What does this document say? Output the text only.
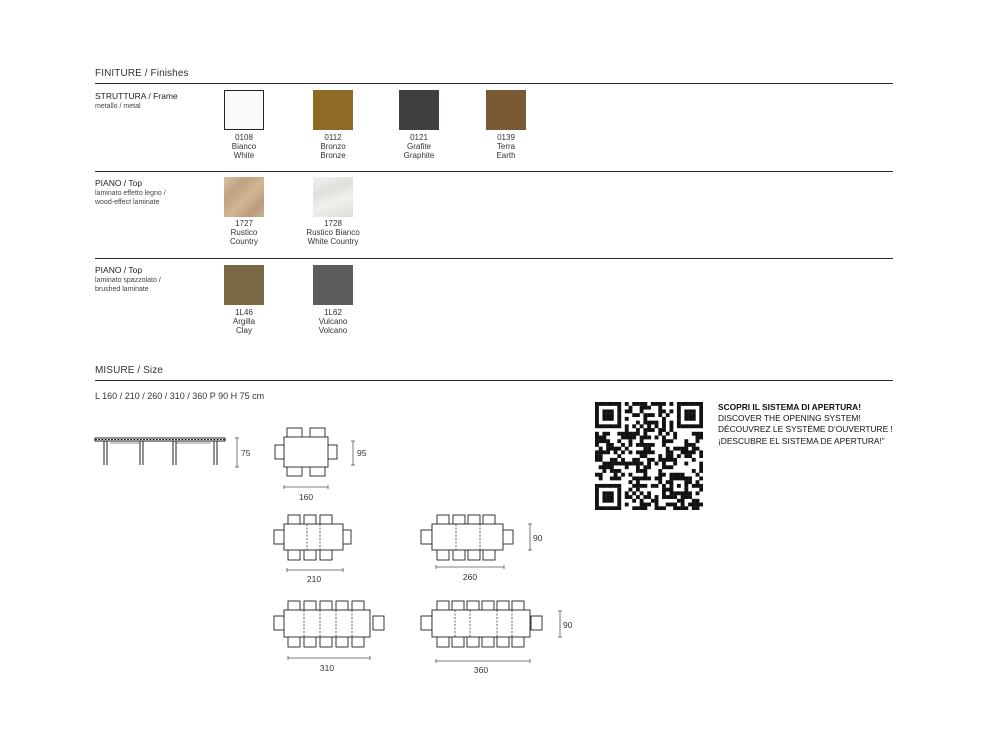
FINITURE / Finishes
STRUTTURA / Frame
metallo / metal
0108
Bianco
White
0112
Bronzo
Bronze
0121
Grafite
Graphite
0139
Terra
Earth
PIANO / Top
laminato effetto legno /
wood-effect laminate
1727
Rustico
Country
1728
Rustico Bianco
White Country
PIANO / Top
laminato spazzolato /
brushed laminate
1L46
Argilla
Clay
1L62
Vulcano
Volcano
MISURE / Size
L 160 / 210 / 260 / 310 / 360 P 90 H 75 cm
75
160
95
210	260
90
310	360
90
SCOPRI IL SISTEMA DI APERTURA!
DISCOVER THE OPENING SYSTEM!
DÉCOUVREZ LE SYSTÈME D’OUVERTURE !
¡DESCUBRE EL SISTEMA DE APERTURA!”
